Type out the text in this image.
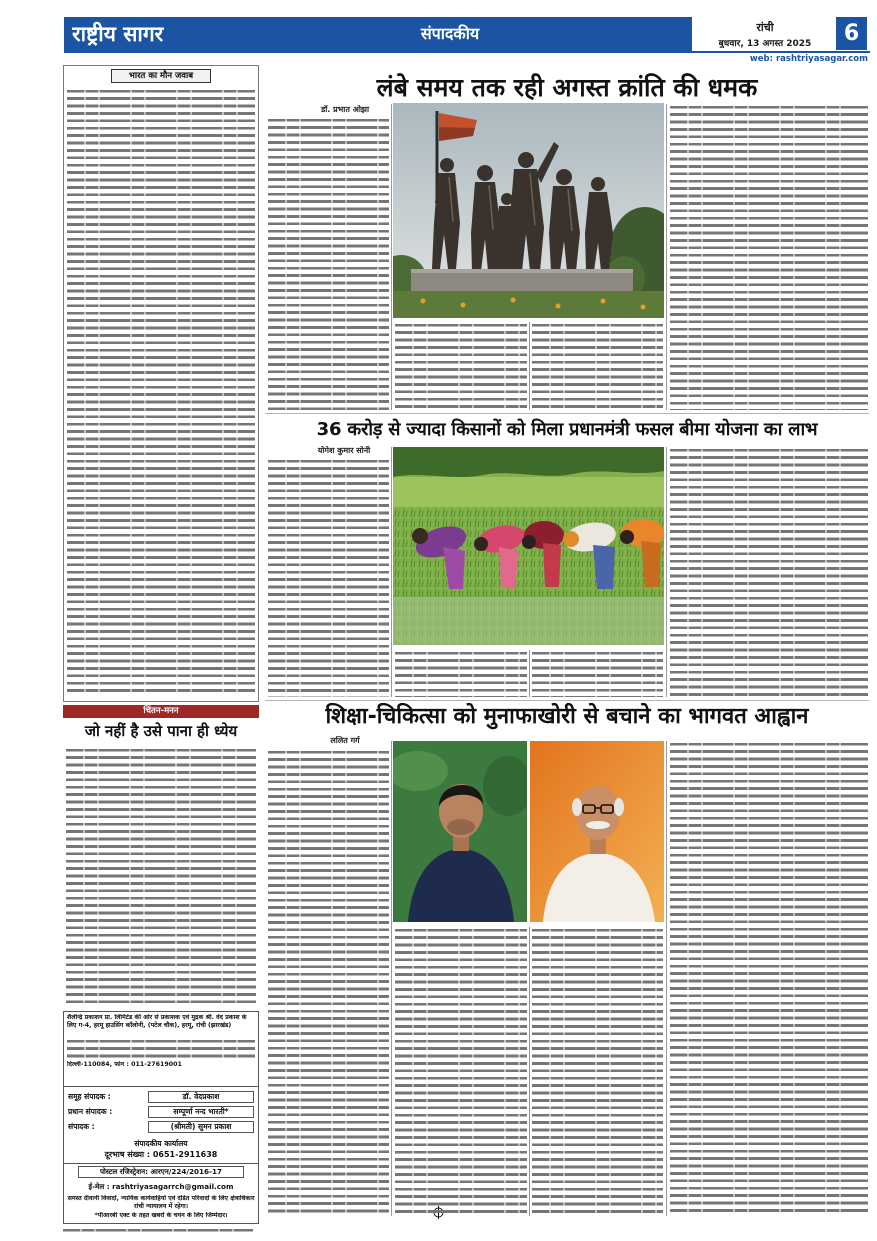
राष्ट्रीय सागर	संपादकीय	रांची
बुधवार, 13 अगस्त 2025	6
web: rashtriyasagar.com
भारत का मौन जवाब
चिंतन-मनन
जो नहीं है उसे पाना ही ध्येय
शैलेन्द्रि प्रकाशन प्रा. लिमिटेड की ओर से प्रकाशक एवं मुद्रक श्री. वेद प्रकाश के लिए ग-4, हरमू हाउसिंग कॉलोनी, (पटेल चौक), हरमू, रांची (झारखंड)
दिल्ली-110084, फोन : 011-27619001
समूह संपादक :	डॉ. वेदप्रकाश
प्रधान संपादक :	सम्पूर्णा नन्द भारती*
संपादक :	(श्रीमती) सुमन प्रकाश
संपादकीय कार्यालय
दूरभाष संख्या : 0651-2911638
पोस्टल रजिस्ट्रेशन: आरएन/224/2016-17
ई-मेल : rashtriyasagarrch@gmail.com
समस्त दीवानी विवादों, न्यायिक कार्यवाहियों एवं दंडित परिवादों के लिए क्षेत्राधिकार रांची न्यायालय में रहेगा।
*पीआरबी एक्ट के तहत खबरों के चयन के लिए जिम्मेदार।
लंबे समय तक रही अगस्त क्रांति की धमक
डॉ. प्रभात ओझा
36 करोड़ से ज्यादा किसानों को मिला प्रधानमंत्री फसल बीमा योजना का लाभ
योगेश कुमार सोनी
शिक्षा-चिकित्सा को मुनाफाखोरी से बचाने का भागवत आह्वान
ललित गर्ग
